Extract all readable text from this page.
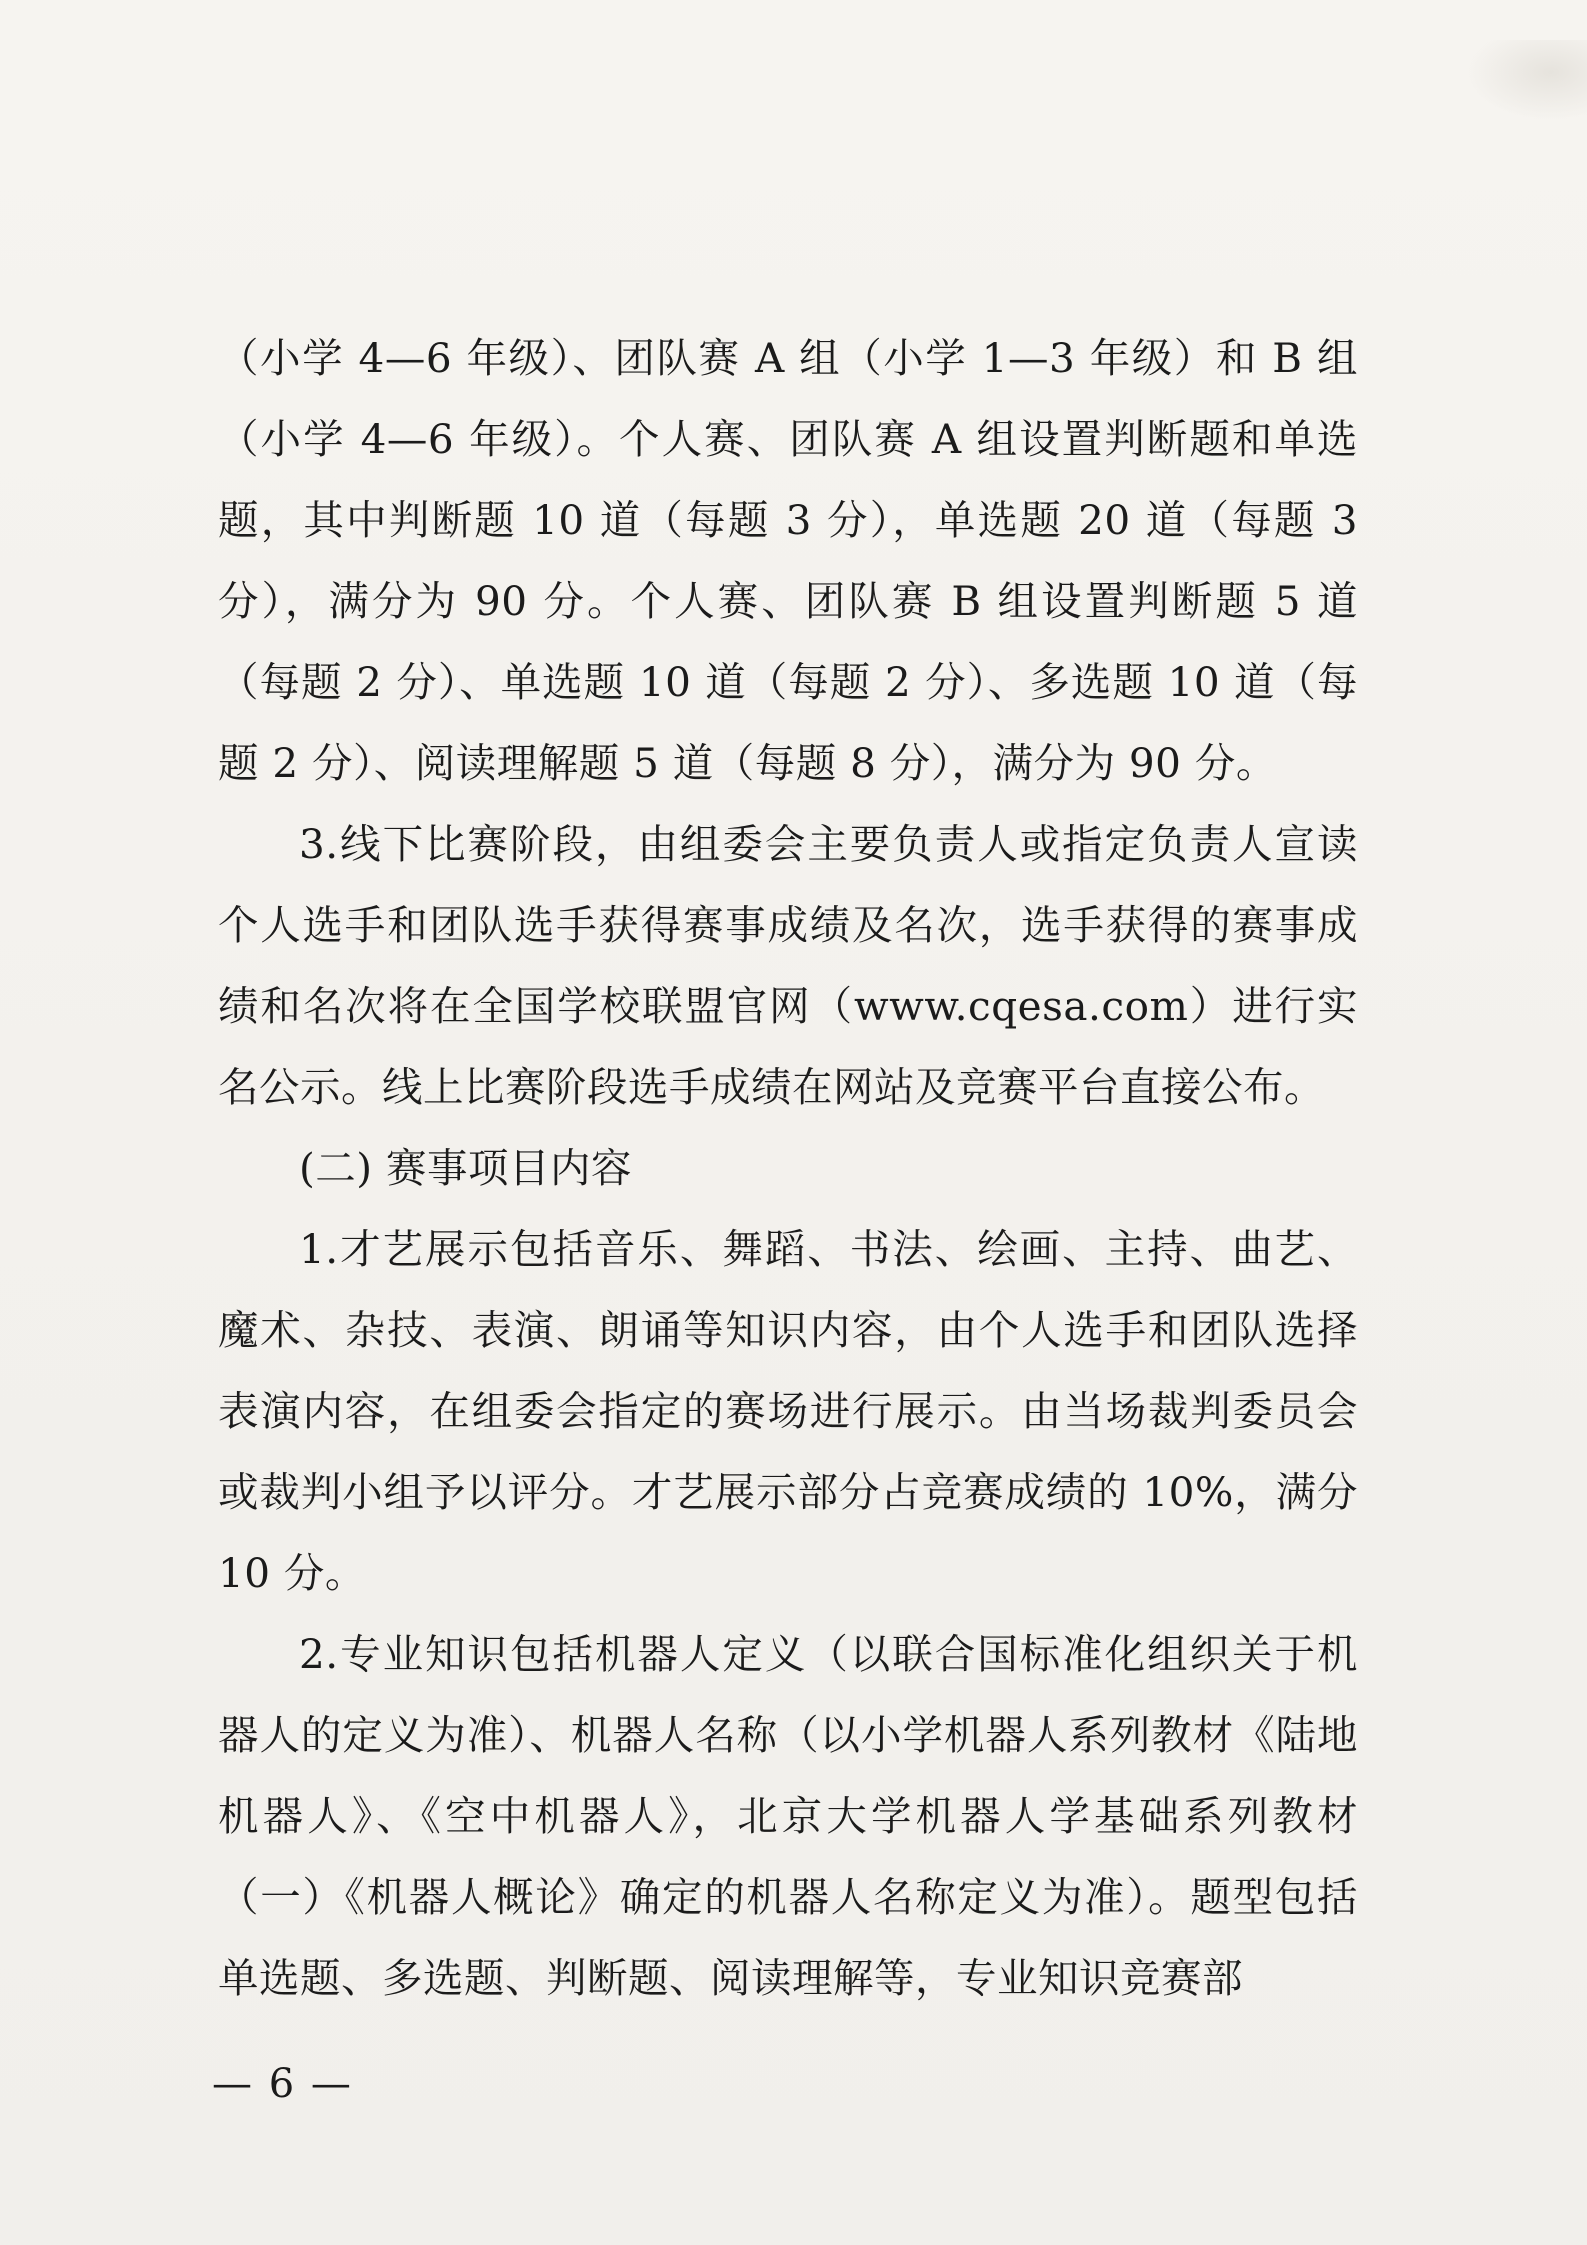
（小学 4—6 年级）、团队赛 A 组（小学 1—3 年级）和 B 组（小学 4—6 年级）。个人赛、团队赛 A 组设置判断题和单选题，其中判断题 10 道（每题 3 分），单选题 20 道（每题 3 分），满分为 90 分。个人赛、团队赛 B 组设置判断题 5 道（每题 2 分）、单选题 10 道（每题 2 分）、多选题 10 道（每题 2 分）、阅读理解题 5 道（每题 8 分），满分为 90 分。

3.线下比赛阶段，由组委会主要负责人或指定负责人宣读个人选手和团队选手获得赛事成绩及名次，选手获得的赛事成绩和名次将在全国学校联盟官网（www.cqesa.com）进行实名公示。线上比赛阶段选手成绩在网站及竞赛平台直接公布。

(二) 赛事项目内容

1.才艺展示包括音乐、舞蹈、书法、绘画、主持、曲艺、魔术、杂技、表演、朗诵等知识内容，由个人选手和团队选择表演内容，在组委会指定的赛场进行展示。由当场裁判委员会或裁判小组予以评分。才艺展示部分占竞赛成绩的 10%，满分 10 分。

2.专业知识包括机器人定义（以联合国标准化组织关于机器人的定义为准）、机器人名称（以小学机器人系列教材《陆地机器人》、《空中机器人》，北京大学机器人学基础系列教材（一）《机器人概论》确定的机器人名称定义为准）。题型包括单选题、多选题、判断题、阅读理解等，专业知识竞赛部

— 6 —
